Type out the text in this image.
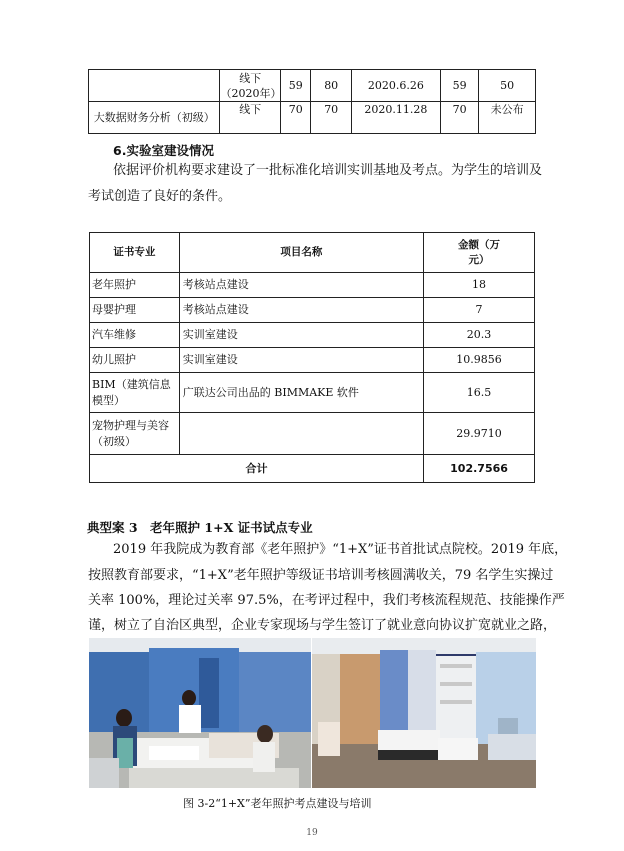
	线下（2020年）	59	80	2020.6.26	59	50
大数据财务分析（初级）	线下	70	70	2020.11.28	70	未公布
6.实验室建设情况
依据评价机构要求建设了一批标准化培训实训基地及考点。为学生的培训及
考试创造了良好的条件。
证书专业	项目名称	金额（万元）
老年照护	考核站点建设	18
母婴护理	考核站点建设	7
汽车维修	实训室建设	20.3
幼儿照护	实训室建设	10.9856
BIM（建筑信息模型）	广联达公司出品的 BIMMAKE 软件	16.5
宠物护理与美容（初级）		29.9710
合计		102.7566
典型案 3　老年照护 1+X 证书试点专业
2019 年我院成为教育部《老年照护》“1+X”证书首批试点院校。2019 年底，
按照教育部要求，“1+X”老年照护等级证书培训考核圆满收关，79 名学生实操过
关率 100%，理论过关率 97.5%，在考评过程中，我们考核流程规范、技能操作严
谨，树立了自治区典型，企业专家现场与学生签订了就业意向协议扩宽就业之路，
图 3-2“1+X”老年照护考点建设与培训
19
